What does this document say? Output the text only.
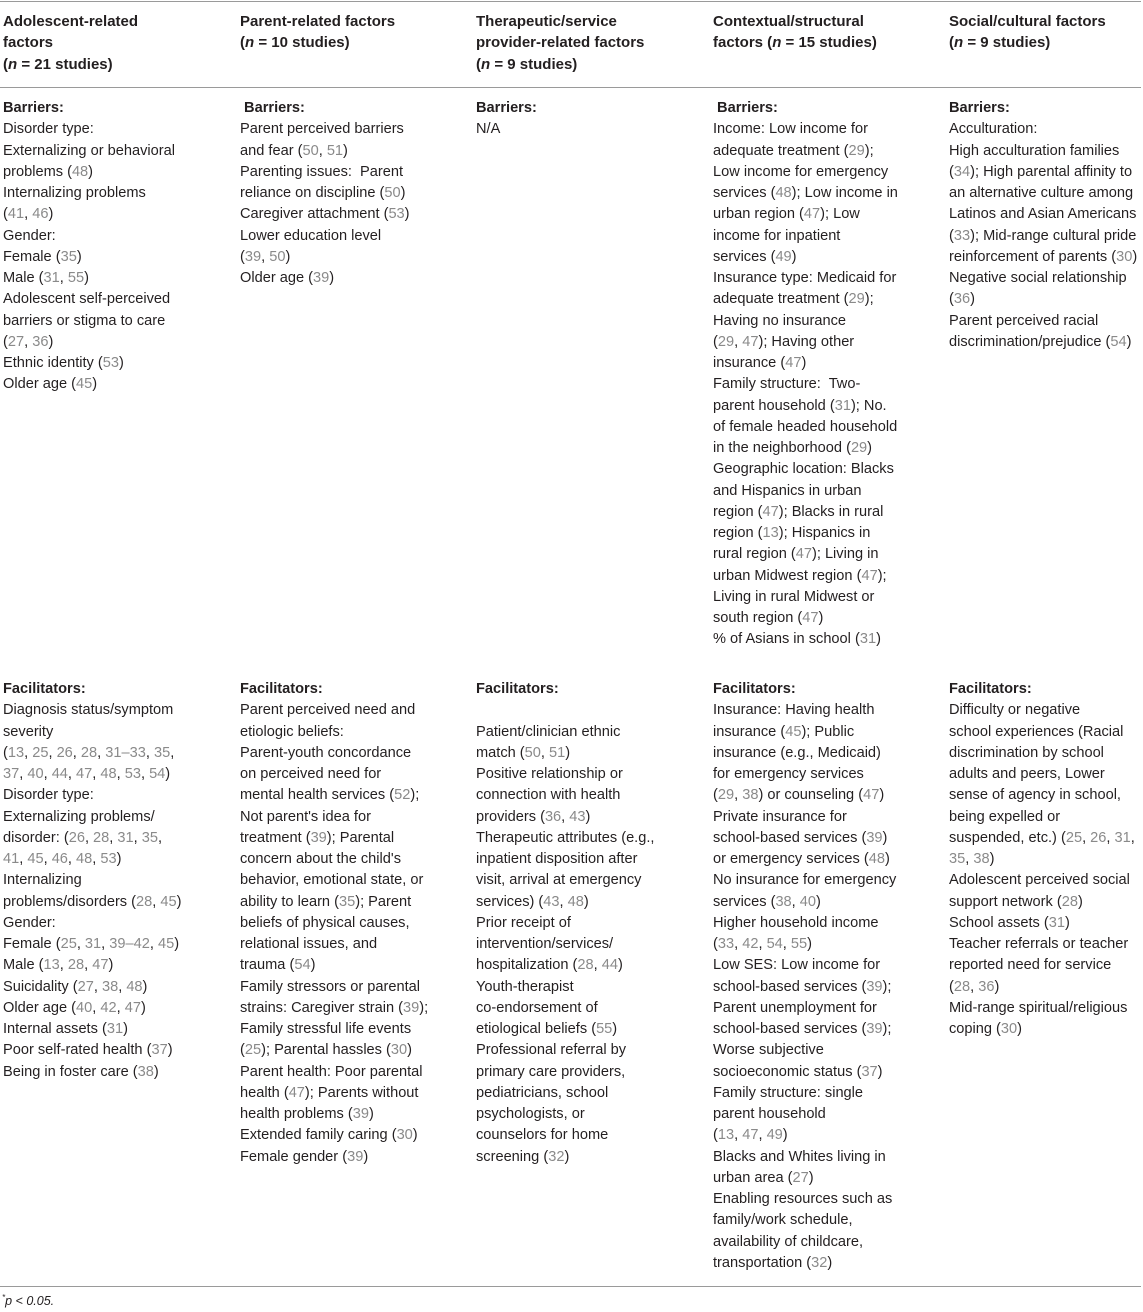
Adolescent-related
factors
(n = 21 studies)
Barriers:
Disorder type:
Externalizing or behavioral
problems (48)
Internalizing problems
(41, 46)
Gender:
Female (35)
Male (31, 55)
Adolescent self-perceived
barriers or stigma to care
(27, 36)
Ethnic identity (53)
Older age (45)
Facilitators:
Diagnosis status/symptom
severity
(13, 25, 26, 28, 31–33, 35,
37, 40, 44, 47, 48, 53, 54)
Disorder type:
Externalizing problems/
disorder: (26, 28, 31, 35,
41, 45, 46, 48, 53)
Internalizing
problems/disorders (28, 45)
Gender:
Female (25, 31, 39–42, 45)
Male (13, 28, 47)
Suicidality (27, 38, 48)
Older age (40, 42, 47)
Internal assets (31)
Poor self-rated health (37)
Being in foster care (38)
Parent-related factors
(n = 10 studies)
Barriers:
Parent perceived barriers
and fear (50, 51)
Parenting issues:  Parent
reliance on discipline (50)
Caregiver attachment (53)
Lower education level
(39, 50)
Older age (39)
Facilitators:
Parent perceived need and
etiologic beliefs:
Parent-youth concordance
on perceived need for
mental health services (52);
Not parent's idea for
treatment (39); Parental
concern about the child's
behavior, emotional state, or
ability to learn (35); Parent
beliefs of physical causes,
relational issues, and
trauma (54)
Family stressors or parental
strains: Caregiver strain (39);
Family stressful life events
(25); Parental hassles (30)
Parent health: Poor parental
health (47); Parents without
health problems (39)
Extended family caring (30)
Female gender (39)
Therapeutic/service
provider-related factors
(n = 9 studies)
Barriers:
N/A
Facilitators:

Patient/clinician ethnic
match (50, 51)
Positive relationship or
connection with health
providers (36, 43)
Therapeutic attributes (e.g.,
inpatient disposition after
visit, arrival at emergency
services) (43, 48)
Prior receipt of
intervention/services/
hospitalization (28, 44)
Youth-therapist
co-endorsement of
etiological beliefs (55)
Professional referral by
primary care providers,
pediatricians, school
psychologists, or
counselors for home
screening (32)
Contextual/structural
factors (n = 15 studies)
Barriers:
Income: Low income for
adequate treatment (29);
Low income for emergency
services (48); Low income in
urban region (47); Low
income for inpatient
services (49)
Insurance type: Medicaid for
adequate treatment (29);
Having no insurance
(29, 47); Having other
insurance (47)
Family structure:  Two-
parent household (31); No.
of female headed household
in the neighborhood (29)
Geographic location: Blacks
and Hispanics in urban
region (47); Blacks in rural
region (13); Hispanics in
rural region (47); Living in
urban Midwest region (47);
Living in rural Midwest or
south region (47)
% of Asians in school (31)
Facilitators:
Insurance: Having health
insurance (45); Public
insurance (e.g., Medicaid)
for emergency services
(29, 38) or counseling (47)
Private insurance for
school-based services (39)
or emergency services (48)
No insurance for emergency
services (38, 40)
Higher household income
(33, 42, 54, 55)
Low SES: Low income for
school-based services (39);
Parent unemployment for
school-based services (39);
Worse subjective
socioeconomic status (37)
Family structure: single
parent household
(13, 47, 49)
Blacks and Whites living in
urban area (27)
Enabling resources such as
family/work schedule,
availability of childcare,
transportation (32)
Social/cultural factors
(n = 9 studies)
Barriers:
Acculturation:
High acculturation families
(34); High parental affinity to
an alternative culture among
Latinos and Asian Americans
(33); Mid-range cultural pride
reinforcement of parents (30)
Negative social relationship
(36)
Parent perceived racial
discrimination/prejudice (54)
Facilitators:
Difficulty or negative
school experiences (Racial
discrimination by school
adults and peers, Lower
sense of agency in school,
being expelled or
suspended, etc.) (25, 26, 31,
35, 38)
Adolescent perceived social
support network (28)
School assets (31)
Teacher referrals or teacher
reported need for service
(28, 36)
Mid-range spiritual/religious
coping (30)
*p < 0.05.
